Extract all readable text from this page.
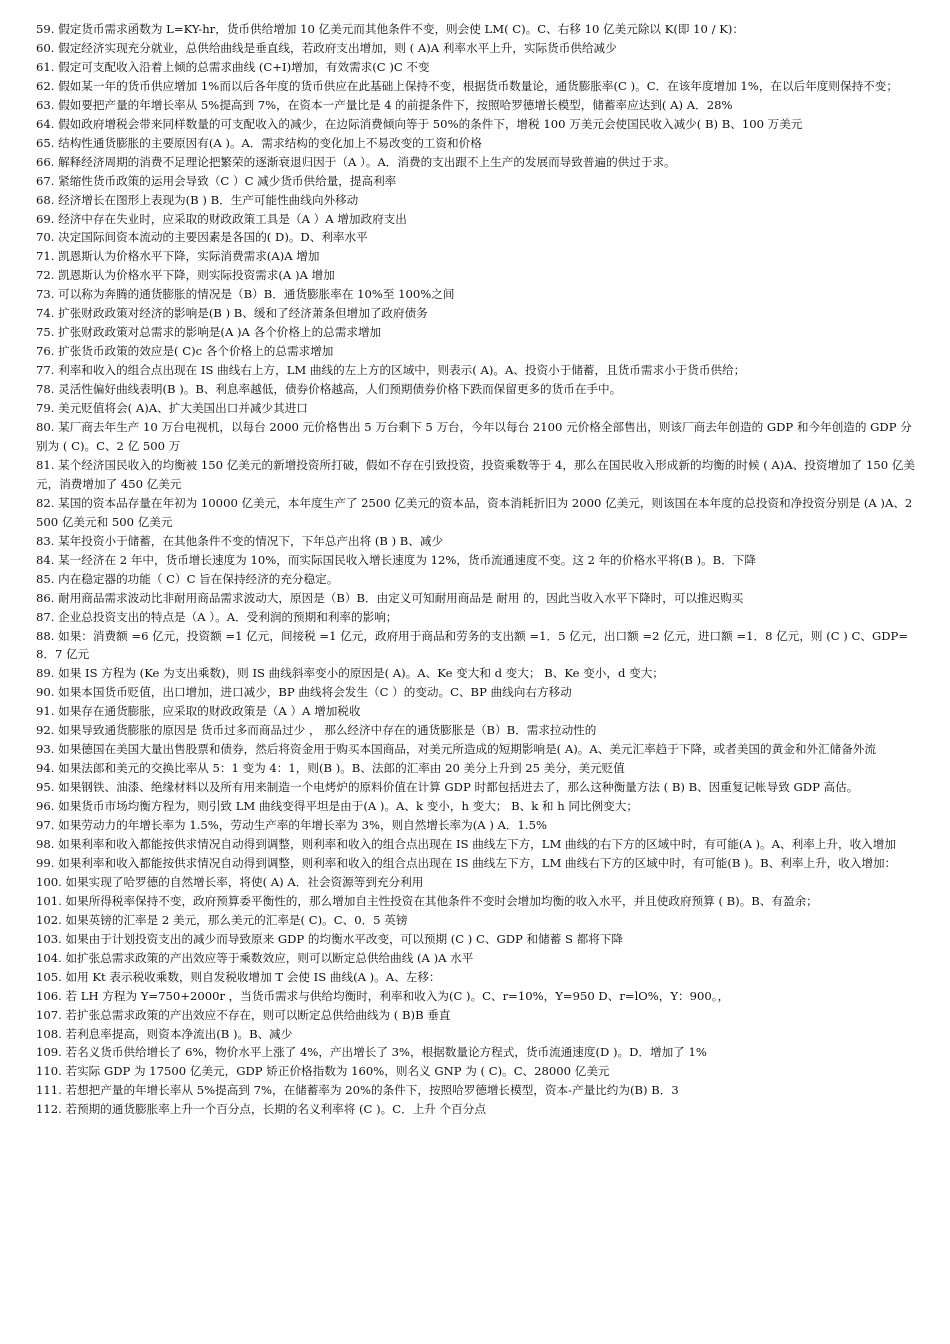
59. 假定货币需求函数为 L=KY-hr，货币供给增加 10 亿美元而其他条件不变，则会使 LM( C)。C、右移 10 亿美元除以 K(即 10 / K)：

60. 假定经济实现充分就业，总供给曲线是垂直线，若政府支出增加，则 ( A)A 利率水平上升，实际货币供给减少

61. 假定可支配收入沿着上倾的总需求曲线 (C+I)增加，有效需求(C )C 不变

62. 假如某一年的货币供应增加 1%而以后各年度的货币供应在此基础上保持不变，根据货币数量论，通货膨胀率(C )。C．在该年度增加 1%，在以后年度则保持不变；

63. 假如要把产量的年增长率从 5%提高到 7%，在资本一产量比是 4 的前提条件下，按照哈罗德增长模型，储蓄率应达到( A) A．28%

64. 假如政府增税会带来同样数量的可支配收入的减少，在边际消费倾向等于 50%的条件下，增税 100 万美元会使国民收入减少( B) B、100 万美元

65. 结构性通货膨胀的主要原因有(A )。A．需求结构的变化加上不易改变的工资和价格

66. 解释经济周期的消费不足理论把繁荣的逐渐衰退归因于（A ）。A．消费的支出跟不上生产的发展而导致普遍的供过于求。

67. 紧缩性货币政策的运用会导致（C ）C 减少货币供给量，提高利率

68. 经济增长在图形上表现为(B ) B．生产可能性曲线向外移动

69. 经济中存在失业时，应采取的财政政策工具是（A ）A 增加政府支出

70. 决定国际间资本流动的主要因素是各国的( D)。D、利率水平

71. 凯恩斯认为价格水平下降，实际消费需求(A)A 增加

72. 凯恩斯认为价格水平下降，则实际投资需求(A )A 增加

73. 可以称为奔腾的通货膨胀的情况是（B）B．通货膨胀率在 10%至 100%之间

74. 扩张财政政策对经济的影响是(B ) B、缓和了经济萧条但增加了政府债务

75. 扩张财政政策对总需求的影响是(A )A 各个价格上的总需求增加

76. 扩张货币政策的效应是( C)c 各个价格上的总需求增加

77. 利率和收入的组合点出现在 IS 曲线右上方，LM 曲线的左上方的区域中，则表示( A)。A、投资小于储蓄，且货币需求小于货币供给；

78. 灵活性偏好曲线表明(B )。B、利息率越低，债券价格越高，人们预期债券价格下跌而保留更多的货币在手中。

79. 美元贬值将会( A)A、扩大美国出口并减少其进口

80. 某厂商去年生产 10 万台电视机，以每台 2000 元价格售出 5 万台剩下 5 万台，今年以每台 2100 元价格全部售出，则该厂商去年创造的 GDP 和今年创造的 GDP 分别为 ( C)。C、2 亿 500 万

81. 某个经济国民收入的均衡被 150 亿美元的新增投资所打破，假如不存在引致投资，投资乘数等于 4，那么在国民收入形成新的均衡的时候 ( A)A、投资增加了 150 亿美元，消费增加了 450 亿美元

82. 某国的资本品存量在年初为 10000 亿美元，本年度生产了 2500 亿美元的资本品，资本消耗折旧为 2000 亿美元，则该国在本年度的总投资和净投资分别是 (A )A、2500 亿美元和 500 亿美元

83. 某年投资小于储蓄，在其他条件不变的情况下，下年总产出将 (B ) B、减少

84. 某一经济在 2 年中，货币增长速度为 10%，而实际国民收入增长速度为 12%，货币流通速度不变。这 2 年的价格水平将(B )。B．下降

85. 内在稳定器的功能（ C）C 旨在保持经济的充分稳定。

86. 耐用商品需求波动比非耐用商品需求波动大，原因是（B）B．由定义可知耐用商品是 耐用 的，因此当收入水平下降时，可以推迟购买

87. 企业总投资支出的特点是（A ）。A．受利润的预期和利率的影响；

88. 如果：消费额 =6 亿元，投资额 =1 亿元，间接税 =1 亿元，政府用于商品和劳务的支出额 =1．5 亿元，出口额 =2 亿元，进口额 =1．8 亿元，则 (C ) C、GDP=8．7 亿元

89. 如果 IS 方程为 (Ke 为支出乘数)，则 IS 曲线斜率变小的原因是( A)。A、Ke 变大和 d 变大； B、Ke 变小，d 变大；

90. 如果本国货币贬值，出口增加，进口减少，BP 曲线将会发生（C ）的变动。C、BP 曲线向右方移动

91. 如果存在通货膨胀，应采取的财政政策是（A ）A 增加税收

92. 如果导致通货膨胀的原因是 货币过多而商品过少 ， 那么经济中存在的通货膨胀是（B）B．需求拉动性的

93. 如果德国在美国大量出售股票和债券，然后将资金用于购买本国商品，对美元所造成的短期影响是( A)。A、美元汇率趋于下降，或者美国的黄金和外汇储备外流

94. 如果法郎和美元的交换比率从 5：1 变为 4：1，则(B )。B、法郎的汇率由 20 美分上升到 25 美分，美元贬值

95. 如果钢铁、油漆、绝缘材料以及所有用来制造一个电烤炉的原料价值在计算 GDP 时都包括进去了，那么这种衡量方法 ( B) B、因重复记帐导致 GDP 高估。

96. 如果货币市场均衡方程为，则引致 LM 曲线变得平坦是由于(A )。A、k 变小，h 变大； B、k 和 h 同比例变大；

97. 如果劳动力的年增长率为 1.5%，劳动生产率的年增长率为 3%，则自然增长率为(A ) A．1.5%

98. 如果利率和收入都能按供求情况自动得到调整，则利率和收入的组合点出现在 IS 曲线左下方，LM 曲线的右下方的区域中时，有可能(A )。A、利率上升，收入增加

99. 如果利率和收入都能按供求情况自动得到调整，则利率和收入的组合点出现在 IS 曲线左下方，LM 曲线右下方的区域中时，有可能(B )。B、利率上升，收入增加：

100. 如果实现了哈罗德的自然增长率，将使( A) A．社会资源等到充分利用

101. 如果所得税率保持不变，政府预算委平衡性的，那么增加自主性投资在其他条件不变时会增加均衡的收入水平，并且使政府预算 ( B)。B、有盈余；

102. 如果英镑的汇率是 2 美元，那么美元的汇率是( C)。C、0．5 英镑

103. 如果由于计划投资支出的减少而导致原来 GDP 的均衡水平改变，可以预期 (C ) C、GDP 和储蓄 S 都将下降

104. 如扩张总需求政策的产出效应等于乘数效应，则可以断定总供给曲线 (A )A 水平

105. 如用 Kt 表示税收乘数，则自发税收增加 T 会使 IS 曲线(A )。A、左移：

106. 若 LH 方程为 Y=750+2000r ，当货币需求与供给均衡时，利率和收入为(C )。C、r=10%，Y=950 D、r=lO%，Y：900。，

107. 若扩张总需求政策的产出效应不存在，则可以断定总供给曲线为 ( B)B 垂直

108. 若利息率提高，则资本净流出(B )。B、减少

109. 若名义货币供给增长了 6%，物价水平上涨了 4%，产出增长了 3%，根据数量论方程式，货币流通速度(D )。D．增加了 1%

110. 若实际 GDP 为 17500 亿美元，GDP 矫正价格指数为 160%，则名义 GNP 为 ( C)。C、28000 亿美元

111. 若想把产量的年增长率从 5%提高到 7%，在储蓄率为 20%的条件下，按照哈罗德增长模型，资本-产量比约为(B) B．3

112. 若预期的通货膨胀率上升一个百分点，长期的名义利率将 (C )。C．上升 个百分点
